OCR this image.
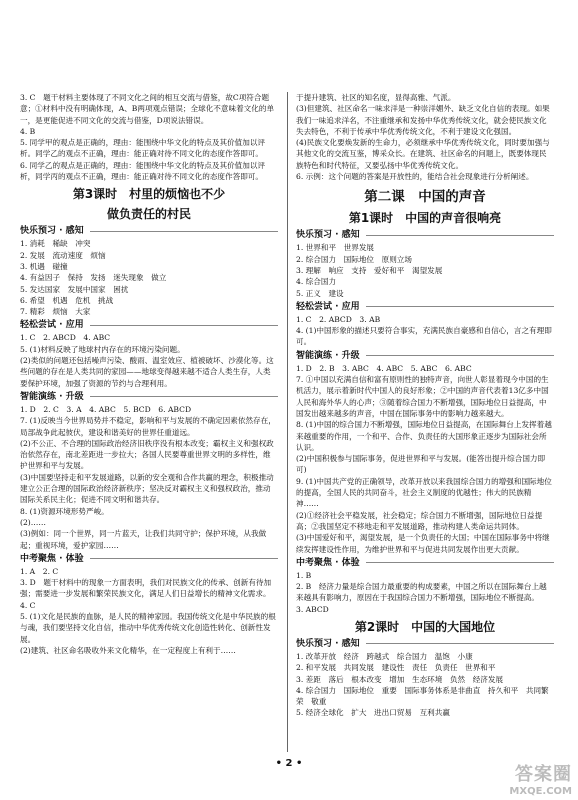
3. C　题干材料主要体现了不同文化之间的相互交流与借鉴，故C项符合题意；①材料中没有明确体现，A、B两项观点错误；全球化不意味着文化的单一，是更能促进不同文化的交流与借鉴，D项说法错误。

4. B

5. 同学甲的观点是正确的，理由：能围绕中华文化的特点及其价值加以评析。同学乙的观点不正确，理由：能正确对待不同文化的态度作答即可。

6. 同学乙的观点是正确的，理由：能围绕中华文化的特点及其价值加以评析，同学丙的观点不正确，理由：能正确对待不同文化的态度作答即可。

第3课时　村里的烦恼也不少
做负责任的村民
快乐预习 · 感知

1. 消耗　稀缺　冲突

2. 发展　流动速度　烦恼

3. 机遇　碰撞

4. 有益因子　保持　发扬　迷失现象　做立

5. 发达国家　发展中国家　困扰

6. 希望　机遇　危机　挑战

7. 精彩　烦恼　大家

轻松尝试 · 应用

1. C　2. ABCD　4. ABC

5. (1)材料反映了地球村内存在的环境污染问题。

(2)类似的问题还包括噪声污染、酸雨、温室效应、植被破坏、沙漠化等。这些问题的存在是人类共同的家园——地球变得越来越不适合人类生存，人类要保护环境，加强了资源的节约与合理利用。

智能演练 · 升级

1. D　2. C　3. A　4. ABC　5. BCD　6. ABCD

7. (1)反映当今世界局势并不稳定，影响和平与发展的不确定因素依然存在，局部战争此起彼伏，建设和谐美好的世界任重道远。

(2)不公正、不合理的国际政治经济旧秩序没有根本改变；霸权主义和强权政治依然存在，南北差距进一步拉大；各国人民要尊重世界文明的多样性，维护世界和平与发展。

(3)中国要坚持走和平发展道路，以新的安全观和合作共赢的理念，积极推动建立公正合理的国际政治经济新秩序；坚决反对霸权主义和强权政治，推动国际关系民主化；促进不同文明和谐共存。

8. (1)资源环境形势严峻。

(2)……

(3)例如：同一个世界，同一片蓝天，让我们共同守护；保护环境，从我做起；重视环境，爱护家园……

中考聚焦 · 体验

1. A　2. C

3. D　题干材料中的现象一方面表明，我们对民族文化的传承、创新有待加强；需要进一步发展和繁荣民族文化，满足人们日益增长的精神文化需求。

4. C

5. (1)文化是民族的血脉，是人民的精神家园。我国传统文化是中华民族的根与魂，我们要坚持文化自信，推动中华优秀传统文化创造性转化、创新性发展。

(2)建筑、社区命名吸收外来文化精华，在一定程度上有利于……

于提升建筑、社区的知名度，显得高雅、气派。

(3)但建筑、社区命名一味求洋是一种崇洋媚外、缺乏文化自信的表现。如果我们一味追求洋名，不注重继承和发扬中华优秀传统文化，就会使民族文化失去特色，不利于传承中华优秀传统文化，不利于建设文化强国。

(4)民族文化要焕发新的生命力，必须继承中华优秀传统文化，同时要加强与其他文化的交流互鉴，博采众长。在建筑、社区命名的问题上，既要体现民族特色和时代特征，又要弘扬中华优秀传统文化。

6. 示例：这个问题的答案是开放性的，能结合社会现象进行分析阐述。

第二课　中国的声音
第1课时　中国的声音很响亮
快乐预习 · 感知

1. 世界和平　世界发展

2. 综合国力　国际地位　原则立场

3. 理解　响应　支持　爱好和平　渴望发展

4. 综合国力

5. 正义　建设

轻松尝试 · 应用

1. C　2. ABCD　3. AB

4. (1)中国形象的描述只要符合事实，充满民族自豪感和自信心，言之有理即可。

智能演练 · 升级

1. D　2. B　3. ABC　4. ABC　5. ABC　6. ABC

7. ①中国以充满自信和富有原则性的独特声音，向世人彰显着现今中国的生机活力，展示着新时代中国人的良好形象；②中国的声音代表着13亿多中国人民和海外华人的心声；③随着综合国力不断增强，国际地位日益提高，中国发出越来越多的声音，中国在国际事务中的影响力越来越大。

8. (1)中国的综合国力不断增强，国际地位日益提高，在国际舞台上发挥着越来越重要的作用，一个和平、合作、负责任的大国形象正逐步为国际社会所认识。

(2)中国积极参与国际事务，促进世界和平与发展。(能答出提升综合国力即可)

9. (1)中国共产党的正确领导，改革开放以来我国综合国力的增强和国际地位的提高，全国人民的共同奋斗，社会主义制度的优越性；伟大的民族精神……

(2)①经济社会平稳发展，社会稳定；综合国力不断增强，国际地位日益提高；②我国坚定不移地走和平发展道路，推动构建人类命运共同体。

(3)中国爱好和平，渴望发展，是一个负责任的大国；中国在国际事务中将继续发挥建设性作用，为维护世界和平与促进共同发展作出更大贡献。

中考聚焦 · 体验

1. B

2. B　经济力量是综合国力最重要的构成要素，中国之所以在国际舞台上越来越具有影响力，原因在于我国综合国力不断增强，国际地位不断提高。

3. ABCD

第2课时　中国的大国地位
快乐预习 · 感知

1. 改革开放　经济　跨越式　综合国力　温饱　小康

2. 和平发展　共同发展　建设性　责任　负责任　世界和平

3. 差距　落后　根本改变　增加　生态环境　负然　经济发展

4. 综合国力　国际地位　重要　国际事务体系是非曲直　持久和平　共同繁荣　敬重

5. 经济全球化　扩大　进出口贸易　互利共赢

• 2 •
答案圈
MXQE.COM
